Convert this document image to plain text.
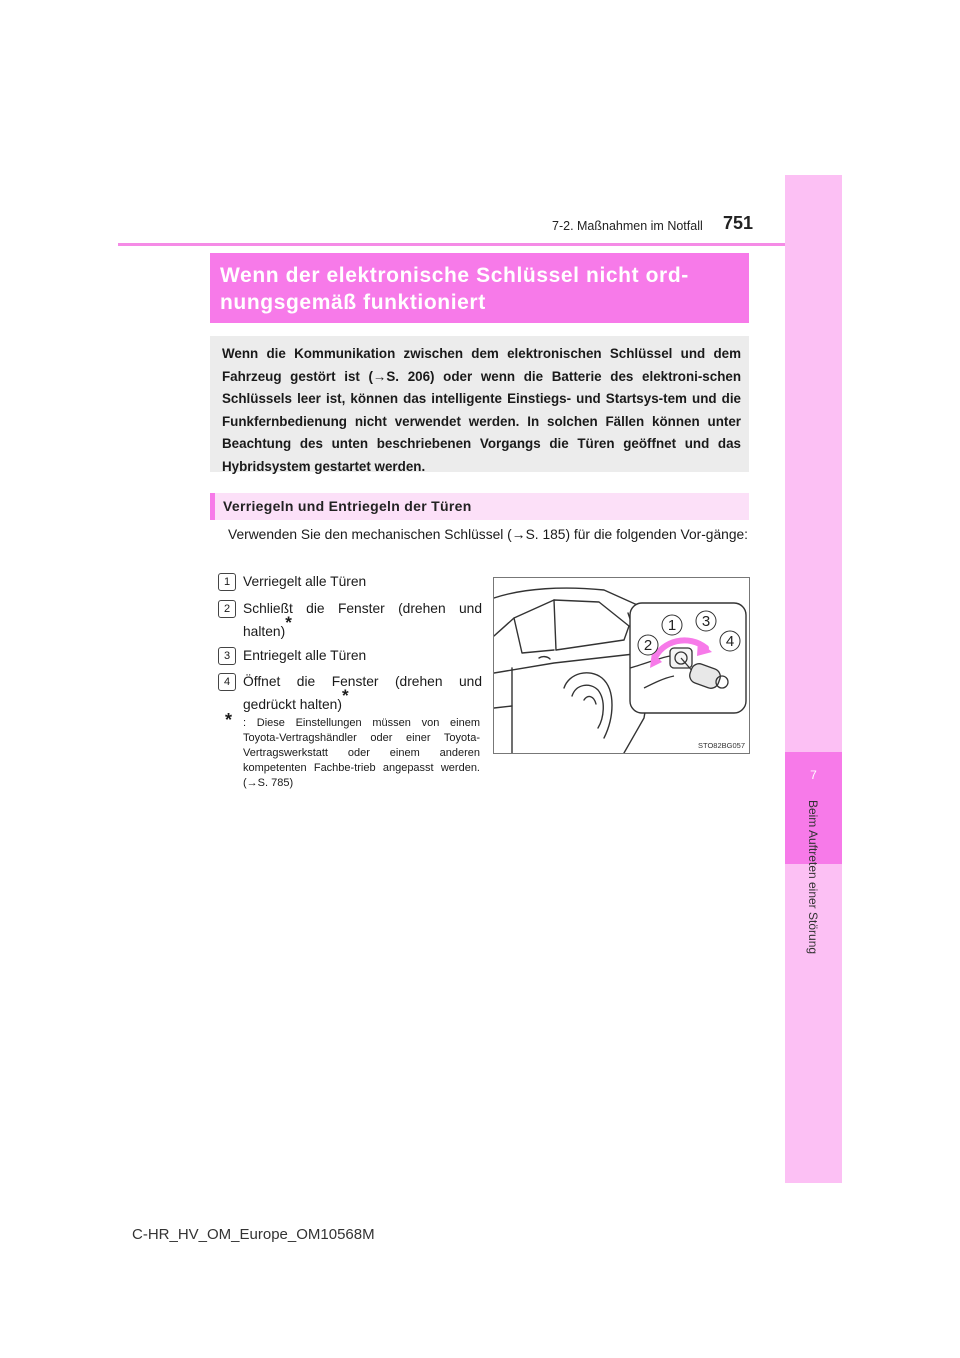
7
Beim Auftreten einer Störung
7-2. Maßnahmen im Notfall 751
Wenn der elektronische Schlüssel nicht ord-nungsgemäß funktioniert

Wenn die Kommunikation zwischen dem elektronischen Schlüssel und dem Fahrzeug gestört ist (→S. 206) oder wenn die Batterie des elektroni-schen Schlüssels leer ist, können das intelligente Einstiegs- und Startsys-tem und die Funkfernbedienung nicht verwendet werden. In solchen Fällen können unter Beachtung des unten beschriebenen Vorgangs die Türen geöffnet und das Hybridsystem gestartet werden.

Verriegeln und Entriegeln der Türen

Verwenden Sie den mechanischen Schlüssel (→S. 185) für die folgenden Vor-gänge:

1 Verriegelt alle Türen
2 Schließt die Fenster (drehen und halten)*
3 Entriegelt alle Türen
4 Öffnet die Fenster (drehen und gedrückt halten)*
* : Diese Einstellungen müssen von einem Toyota-Vertragshändler oder einer Toyota-Vertragswerkstatt oder einem anderen kompetenten Fachbe-trieb angepasst werden. (→S. 785)
1
2
3
4
STO82BG057
C-HR_HV_OM_Europe_OM10568M
